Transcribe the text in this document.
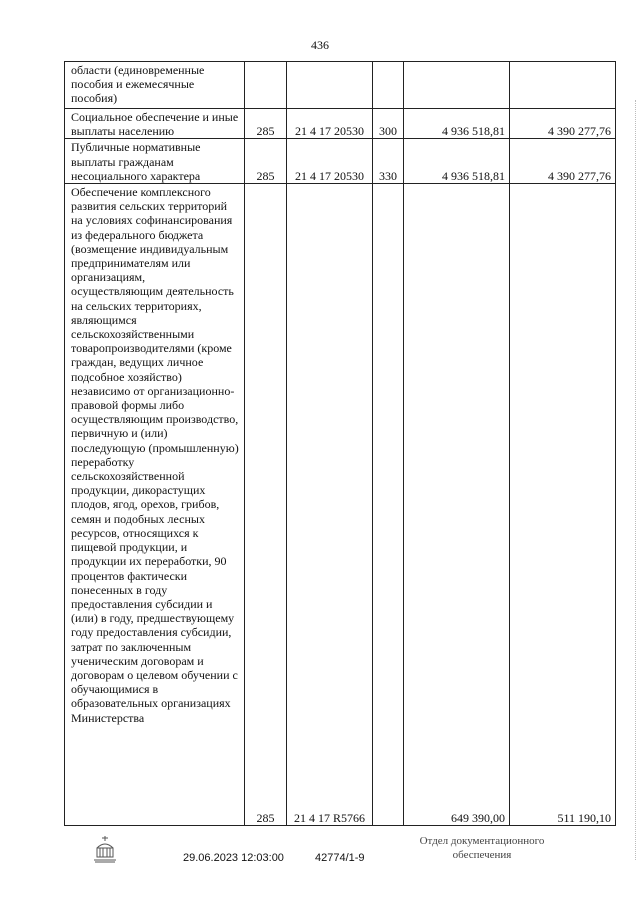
436
области (единовременные пособия и ежемесячные пособия)					
Социальное обеспечение и иные выплаты населению	285	21 4 17 20530	300	4 936 518,81	4 390 277,76
Публичные нормативные выплаты гражданам несоциального характера	285	21 4 17 20530	330	4 936 518,81	4 390 277,76
Обеспечение комплексного развития сельских территорий на условиях софинансирования из федерального бюджета (возмещение индивидуальным предпринимателям или организациям, осуществляющим деятельность на сельских территориях, являющимся сельскохозяйственными товаропроизводителями (кроме граждан, ведущих личное подсобное хозяйство) независимо от организационно-правовой формы либо осуществляющим производство, первичную и (или) последующую (промышленную) переработку сельскохозяйственной продукции, дикорастущих плодов, ягод, орехов, грибов, семян и подобных лесных ресурсов, относящихся к пищевой продукции, и продукции их переработки, 90 процентов фактически понесенных в году предоставления субсидии и (или) в году, предшествующему году предоставления субсидии, затрат по заключенным ученическим договорам и договорам о целевом обучении с обучающимися в образовательных организациях Министерства	285	21 4 17 R5766		649 390,00	511 190,10
29.06.2023 12:03:00	42774/1-9
Отдел документационного
обеспечения
